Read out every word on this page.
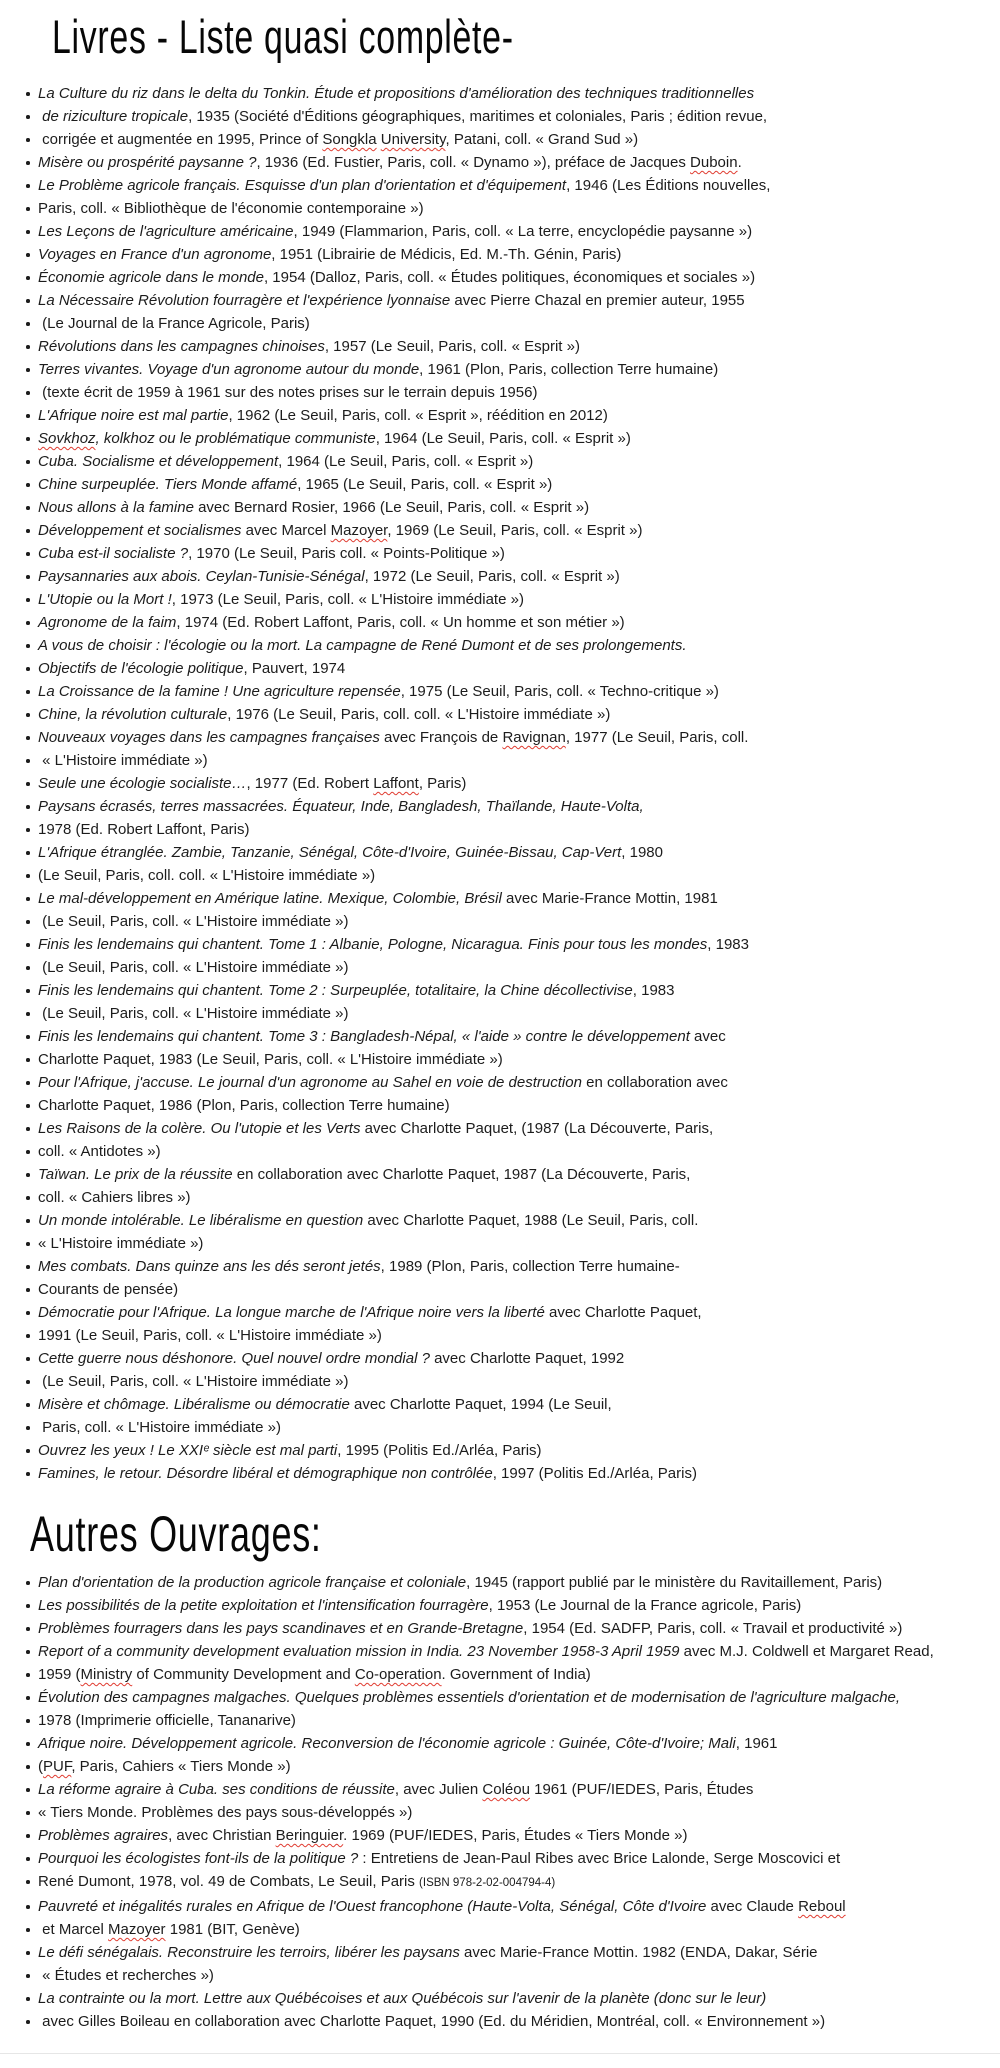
Livres - Liste quasi complète-
La Culture du riz dans le delta du Tonkin. Étude et propositions d'amélioration des techniques traditionnelles
de riziculture tropicale, 1935 (Société d'Éditions géographiques, maritimes et coloniales, Paris ; édition revue,
corrigée et augmentée en 1995, Prince of Songkla University, Patani, coll. « Grand Sud »)
Misère ou prospérité paysanne ?, 1936 (Ed. Fustier, Paris, coll. « Dynamo »), préface de Jacques Duboin.
Le Problème agricole français. Esquisse d'un plan d'orientation et d'équipement, 1946 (Les Éditions nouvelles,
Paris, coll. « Bibliothèque de l'économie contemporaine »)
Les Leçons de l'agriculture américaine, 1949 (Flammarion, Paris, coll. « La terre, encyclopédie paysanne »)
Voyages en France d'un agronome, 1951 (Librairie de Médicis, Ed. M.-Th. Génin, Paris)
Économie agricole dans le monde, 1954 (Dalloz, Paris, coll. « Études politiques, économiques et sociales »)
La Nécessaire Révolution fourragère et l'expérience lyonnaise avec Pierre Chazal en premier auteur, 1955
(Le Journal de la France Agricole, Paris)
Révolutions dans les campagnes chinoises, 1957 (Le Seuil, Paris, coll. « Esprit »)
Terres vivantes. Voyage d'un agronome autour du monde, 1961 (Plon, Paris, collection Terre humaine)
(texte écrit de 1959 à 1961 sur des notes prises sur le terrain depuis 1956)
L'Afrique noire est mal partie, 1962 (Le Seuil, Paris, coll. « Esprit », réédition en 2012)
Sovkhoz, kolkhoz ou le problématique communiste, 1964 (Le Seuil, Paris, coll. « Esprit »)
Cuba. Socialisme et développement, 1964 (Le Seuil, Paris, coll. « Esprit »)
Chine surpeuplée. Tiers Monde affamé, 1965 (Le Seuil, Paris, coll. « Esprit »)
Nous allons à la famine avec Bernard Rosier, 1966 (Le Seuil, Paris, coll. « Esprit »)
Développement et socialismes avec Marcel Mazoyer, 1969 (Le Seuil, Paris, coll. « Esprit »)
Cuba est-il socialiste ?, 1970 (Le Seuil, Paris coll. « Points-Politique »)
Paysannaries aux abois. Ceylan-Tunisie-Sénégal, 1972 (Le Seuil, Paris, coll. « Esprit »)
L'Utopie ou la Mort !, 1973 (Le Seuil, Paris, coll. « L'Histoire immédiate »)
Agronome de la faim, 1974 (Ed. Robert Laffont, Paris, coll. « Un homme et son métier »)
A vous de choisir : l'écologie ou la mort. La campagne de René Dumont et de ses prolongements.
Objectifs de l'écologie politique, Pauvert, 1974
La Croissance de la famine ! Une agriculture repensée, 1975 (Le Seuil, Paris, coll. « Techno-critique »)
Chine, la révolution culturale, 1976 (Le Seuil, Paris, coll. coll. « L'Histoire immédiate »)
Nouveaux voyages dans les campagnes françaises avec François de Ravignan, 1977 (Le Seuil, Paris, coll.
« L'Histoire immédiate »)
Seule une écologie socialiste…, 1977 (Ed. Robert Laffont, Paris)
Paysans écrasés, terres massacrées. Équateur, Inde, Bangladesh, Thaïlande, Haute-Volta,
1978 (Ed. Robert Laffont, Paris)
L'Afrique étranglée. Zambie, Tanzanie, Sénégal, Côte-d'Ivoire, Guinée-Bissau, Cap-Vert, 1980
(Le Seuil, Paris, coll. coll. « L'Histoire immédiate »)
Le mal-développement en Amérique latine. Mexique, Colombie, Brésil avec Marie-France Mottin, 1981
(Le Seuil, Paris, coll. « L'Histoire immédiate »)
Finis les lendemains qui chantent. Tome 1 : Albanie, Pologne, Nicaragua. Finis pour tous les mondes, 1983
(Le Seuil, Paris, coll. « L'Histoire immédiate »)
Finis les lendemains qui chantent. Tome 2 : Surpeuplée, totalitaire, la Chine décollectivise, 1983
(Le Seuil, Paris, coll. « L'Histoire immédiate »)
Finis les lendemains qui chantent. Tome 3 : Bangladesh-Népal, « l'aide » contre le développement avec
Charlotte Paquet, 1983 (Le Seuil, Paris, coll. « L'Histoire immédiate »)
Pour l'Afrique, j'accuse. Le journal d'un agronome au Sahel en voie de destruction en collaboration avec
Charlotte Paquet, 1986 (Plon, Paris, collection Terre humaine)
Les Raisons de la colère. Ou l'utopie et les Verts avec Charlotte Paquet, (1987 (La Découverte, Paris,
coll. « Antidotes »)
Taïwan. Le prix de la réussite en collaboration avec Charlotte Paquet, 1987 (La Découverte, Paris,
coll. « Cahiers libres »)
Un monde intolérable. Le libéralisme en question avec Charlotte Paquet, 1988 (Le Seuil, Paris, coll.
« L'Histoire immédiate »)
Mes combats. Dans quinze ans les dés seront jetés, 1989 (Plon, Paris, collection Terre humaine-
Courants de pensée)
Démocratie pour l'Afrique. La longue marche de l'Afrique noire vers la liberté avec Charlotte Paquet,
1991 (Le Seuil, Paris, coll. « L'Histoire immédiate »)
Cette guerre nous déshonore. Quel nouvel ordre mondial ? avec Charlotte Paquet, 1992
(Le Seuil, Paris, coll. « L'Histoire immédiate »)
Misère et chômage. Libéralisme ou démocratie avec Charlotte Paquet, 1994 (Le Seuil,
Paris, coll. « L'Histoire immédiate »)
Ouvrez les yeux ! Le XXIᵉ siècle est mal parti, 1995 (Politis Ed./Arléa, Paris)
Famines, le retour. Désordre libéral et démographique non contrôlée, 1997 (Politis Ed./Arléa, Paris)
Autres Ouvrages:
Plan d'orientation de la production agricole française et coloniale, 1945 (rapport publié par le ministère du Ravitaillement, Paris)
Les possibilités de la petite exploitation et l'intensification fourragère, 1953 (Le Journal de la France agricole, Paris)
Problèmes fourragers dans les pays scandinaves et en Grande-Bretagne, 1954 (Ed. SADFP, Paris, coll. « Travail et productivité »)
Report of a community development evaluation mission in India. 23 November 1958-3 April 1959 avec M.J. Coldwell et Margaret Read,
1959 (Ministry of Community Development and Co-operation. Government of India)
Évolution des campagnes malgaches. Quelques problèmes essentiels d'orientation et de modernisation de l'agriculture malgache,
1978 (Imprimerie officielle, Tananarive)
Afrique noire. Développement agricole. Reconversion de l'économie agricole : Guinée, Côte-d'Ivoire; Mali, 1961
(PUF, Paris, Cahiers « Tiers Monde »)
La réforme agraire à Cuba. ses conditions de réussite, avec Julien Coléou 1961 (PUF/IEDES, Paris, Études
« Tiers Monde. Problèmes des pays sous-développés »)
Problèmes agraires, avec Christian Beringuier. 1969 (PUF/IEDES, Paris, Études « Tiers Monde »)
Pourquoi les écologistes font-ils de la politique ? : Entretiens de Jean-Paul Ribes avec Brice Lalonde, Serge Moscovici et
René Dumont, 1978, vol. 49 de Combats, Le Seuil, Paris (ISBN 978-2-02-004794-4)
Pauvreté et inégalités rurales en Afrique de l'Ouest francophone (Haute-Volta, Sénégal, Côte d'Ivoire avec Claude Reboul
et Marcel Mazoyer 1981 (BIT, Genève)
Le défi sénégalais. Reconstruire les terroirs, libérer les paysans avec Marie-France Mottin. 1982 (ENDA, Dakar, Série
« Études et recherches »)
La contrainte ou la mort. Lettre aux Québécoises et aux Québécois sur l'avenir de la planète (donc sur le leur)
avec Gilles Boileau en collaboration avec Charlotte Paquet, 1990 (Ed. du Méridien, Montréal, coll. « Environnement »)
